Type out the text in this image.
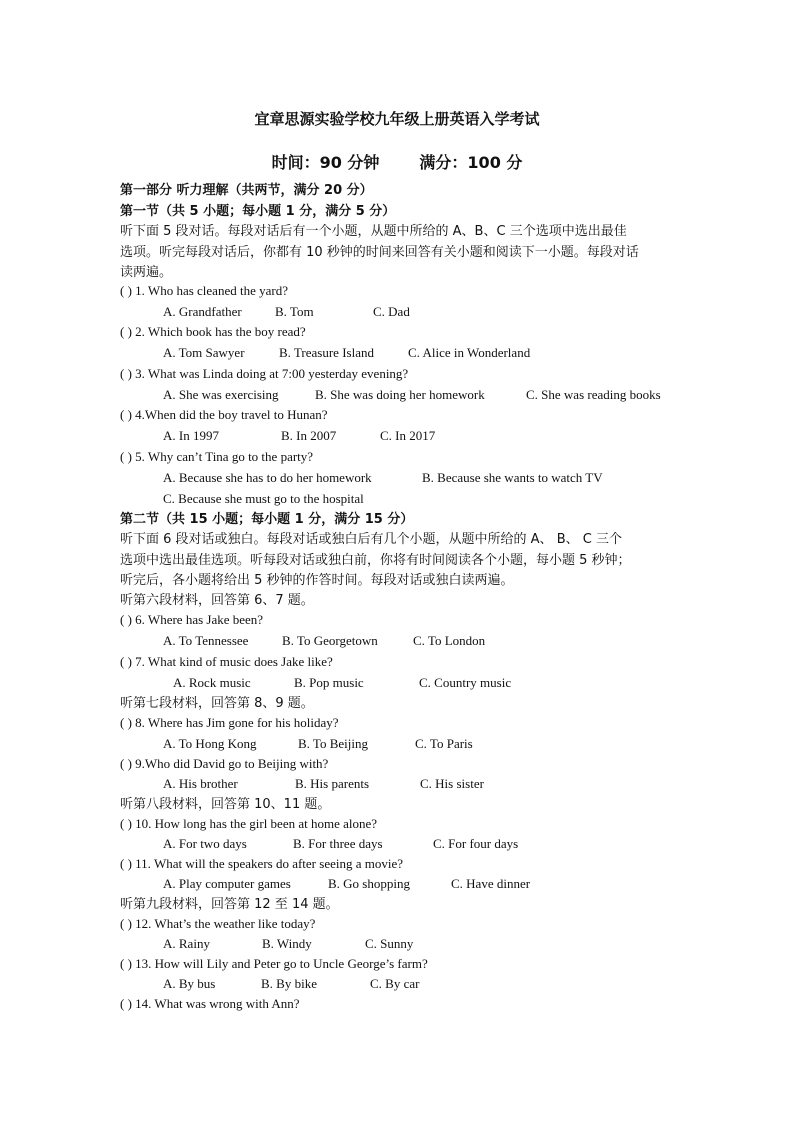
宜章思源实验学校九年级上册英语入学考试
时间：90 分钟	满分：100 分
第一部分 听力理解（共两节，满分 20 分）
第一节（共 5 小题；每小题 1 分，满分 5 分）
听下面 5 段对话。每段对话后有一个小题，从题中所给的 A、B、C 三个选项中选出最佳
选项。听完每段对话后，你都有 10 秒钟的时间来回答有关小题和阅读下一小题。每段对话
读两遍。
( ) 1. Who has cleaned the yard?
A. Grandfather	B. Tom	C. Dad
( ) 2. Which book has the boy read?
A. Tom Sawyer	B. Treasure Island	C. Alice in Wonderland
( ) 3. What was Linda doing at 7:00 yesterday evening?
A. She was exercising	B. She was doing her homework	C. She was reading books
( ) 4.When did the boy travel to Hunan?
A. In 1997	B. In 2007	C. In 2017
( ) 5. Why can’t Tina go to the party?
A. Because she has to do her homework	B. Because she wants to watch TV
C. Because she must go to the hospital
第二节（共 15 小题；每小题 1 分，满分 15 分）
听下面 6 段对话或独白。每段对话或独白后有几个小题，从题中所给的 A、 B、 C 三个
选项中选出最佳选项。听每段对话或独白前，你将有时间阅读各个小题，每小题 5 秒钟；
听完后，各小题将给出 5 秒钟的作答时间。每段对话或独白读两遍。
听第六段材料，回答第 6、7 题。
( ) 6. Where has Jake been?
A. To Tennessee	B. To Georgetown	C. To London
( ) 7. What kind of music does Jake like?
A. Rock music	B. Pop music	C. Country music
听第七段材料，回答第 8、9 题。
( ) 8. Where has Jim gone for his holiday?
A. To Hong Kong	B. To Beijing	C. To Paris
( ) 9.Who did David go to Beijing with?
A. His brother	B. His parents	C. His sister
听第八段材料，回答第 10、11 题。
( ) 10. How long has the girl been at home alone?
A. For two days	B. For three days	C. For four days
( ) 11. What will the speakers do after seeing a movie?
A. Play computer games	B. Go shopping	C. Have dinner
听第九段材料，回答第 12 至 14 题。
( ) 12. What’s the weather like today?
A. Rainy	B. Windy	C. Sunny
( ) 13. How will Lily and Peter go to Uncle George’s farm?
A. By bus	B. By bike	C. By car
( ) 14. What was wrong with Ann?
